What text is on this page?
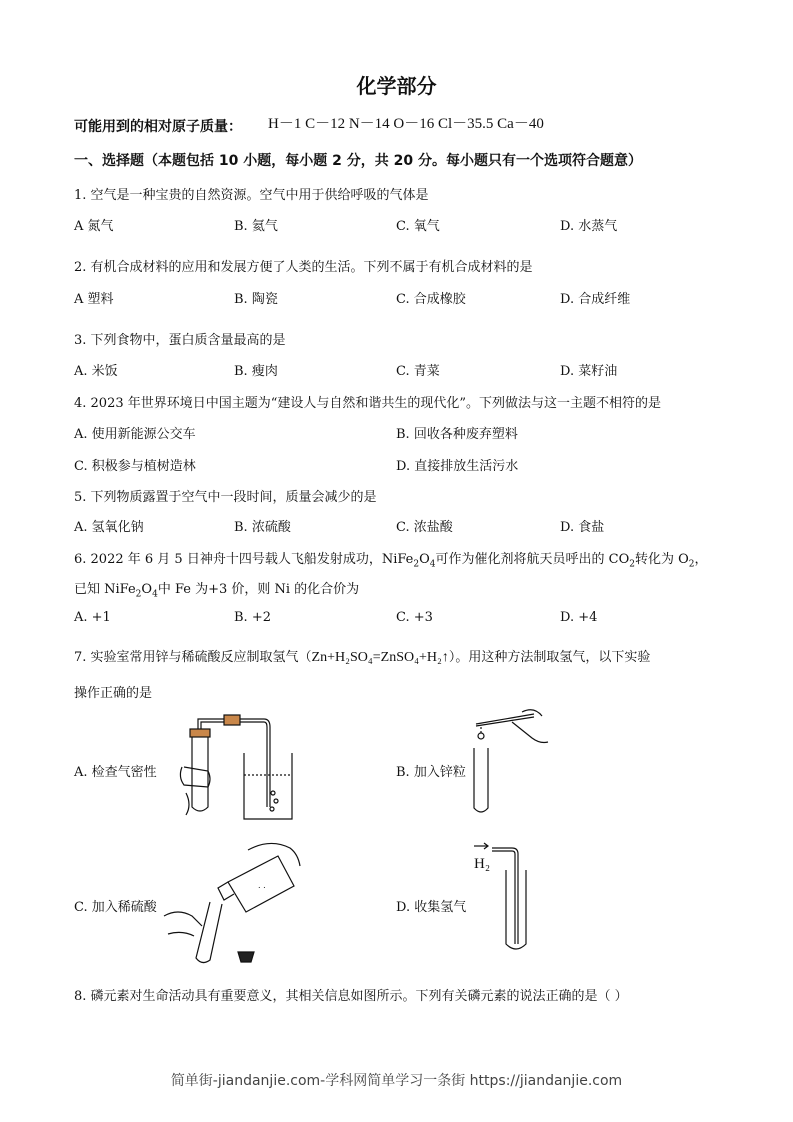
化学部分
可能用到的相对原子质量： H－1 C－12 N－14 O－16 Cl－35.5 Ca－40
一、选择题（本题包括 10 小题，每小题 2 分，共 20 分。每小题只有一个选项符合题意）
1. 空气是一种宝贵的自然资源。空气中用于供给呼吸的气体是
A 氮气	B. 氦气	C. 氧气	D. 水蒸气
2. 有机合成材料的应用和发展方便了人类的生活。下列不属于有机合成材料的是
A 塑料	B. 陶瓷	C. 合成橡胶	D. 合成纤维
3. 下列食物中，蛋白质含量最高的是
A. 米饭	B. 瘦肉	C. 青菜	D. 菜籽油
4. 2023 年世界环境日中国主题为“建设人与自然和谐共生的现代化”。下列做法与这一主题不相符的是
A. 使用新能源公交车	B. 回收各种废弃塑料
C. 积极参与植树造林	D. 直接排放生活污水
5. 下列物质露置于空气中一段时间，质量会减少的是
A. 氢氧化钠	B. 浓硫酸	C. 浓盐酸	D. 食盐
6. 2022 年 6 月 5 日神舟十四号载人飞船发射成功，$NiFe_2O_4$可作为催化剂将航天员呼出的 $CO_2$转化为 $O_2$，
已知 $NiFe_2O_4$中 Fe 为+3 价，则 Ni 的化合价为
A. +1	B. +2	C. +3	D. +4
7. 实验室常用锌与稀硫酸反应制取氢气（Zn+H₂SO₄=ZnSO₄+H₂↑）。用这种方法制取氢气，以下实验
操作正确的是
A. 检查气密性	B. 加入锌粒
C. 加入稀硫酸	D. 收集氢气
. .
H₂
8. 磷元素对生命活动具有重要意义，其相关信息如图所示。下列有关磷元素的说法正确的是（ ）
简单街-jiandanjie.com-学科网简单学习一条街 https://jiandanjie.com
